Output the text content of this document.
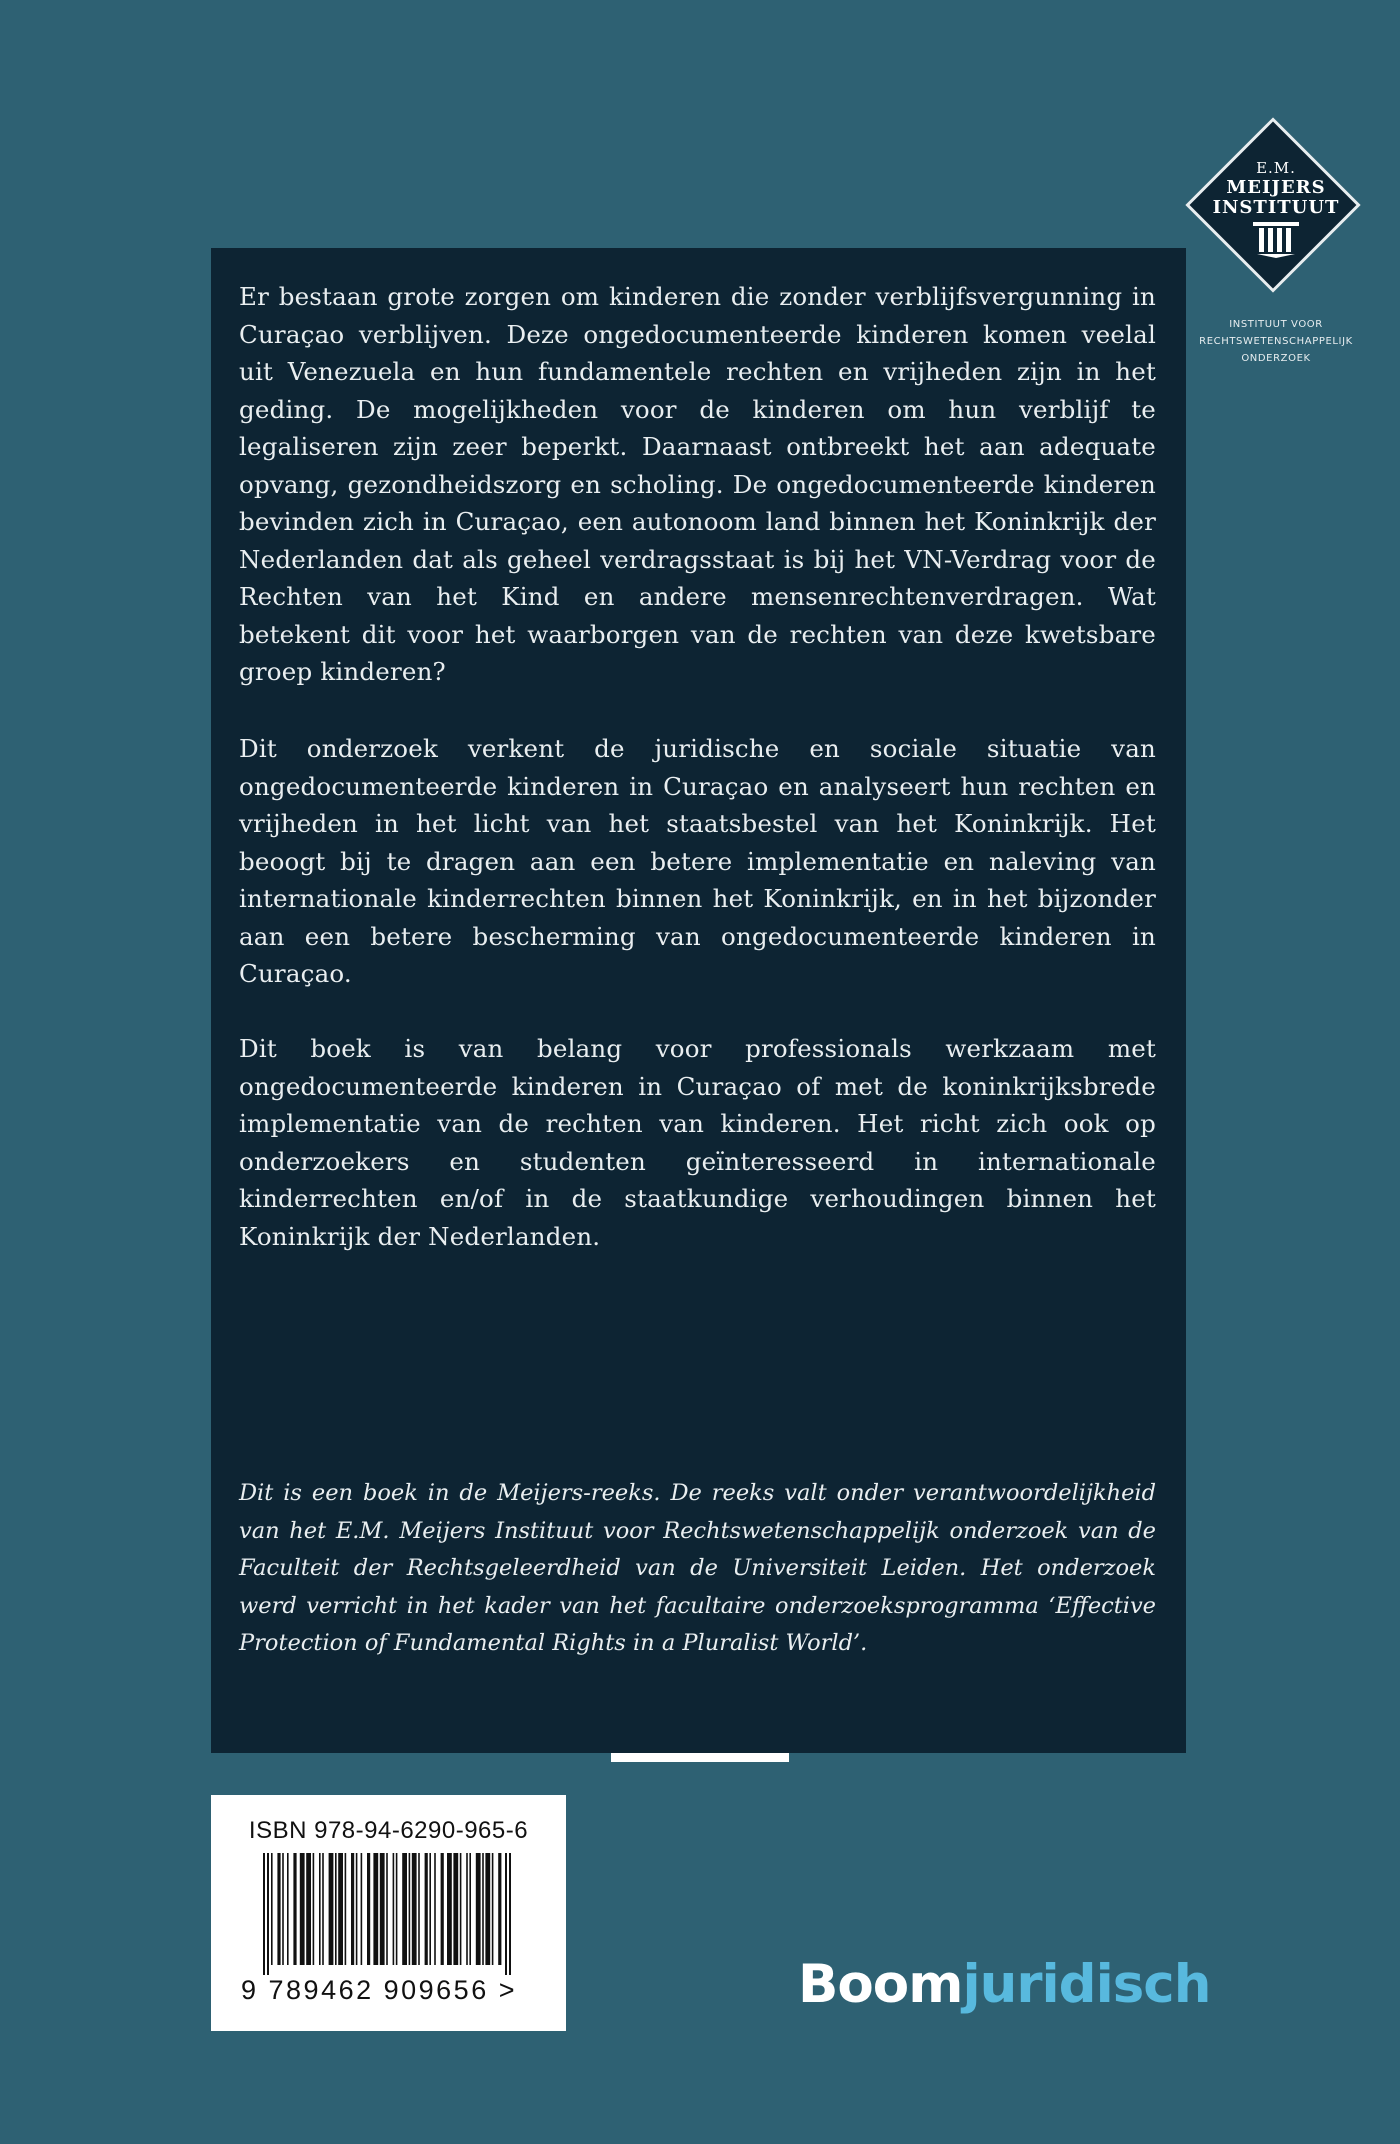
E.M.
MEIJERS
INSTITUUT
INSTITUUT VOOR
RECHTSWETENSCHAPPELIJK
ONDERZOEK

Er bestaan grote zorgen om kinderen die zonder verblijfsvergunning in Curaçao verblijven. Deze ongedocumenteerde kinderen komen veelal uit Venezuela en hun fundamentele rechten en vrijheden zijn in het geding. De mogelijkheden voor de kinderen om hun verblijf te legaliseren zijn zeer beperkt. Daarnaast ontbreekt het aan adequate opvang, gezondheidszorg en scholing. De ongedocumenteerde kinderen bevinden zich in Curaçao, een autonoom land binnen het Koninkrijk der Nederlanden dat als geheel verdragsstaat is bij het VN-Verdrag voor de Rechten van het Kind en andere mensenrechtenverdragen. Wat betekent dit voor het waarborgen van de rechten van deze kwetsbare groep kinderen?

Dit onderzoek verkent de juridische en sociale situatie van ongedocumenteerde kinderen in Curaçao en analyseert hun rechten en vrijheden in het licht van het staatsbestel van het Koninkrijk. Het beoogt bij te dragen aan een betere implementatie en naleving van internationale kinderrechten binnen het Koninkrijk, en in het bijzonder aan een betere bescherming van ongedocumenteerde kinderen in Curaçao.

Dit boek is van belang voor professionals werkzaam met ongedocumenteerde kinderen in Curaçao of met de koninkrijksbrede implementatie van de rechten van kinderen. Het richt zich ook op onderzoekers en studenten geïnteresseerd in internationale kinderrechten en/of in de staatkundige verhoudingen binnen het Koninkrijk der Nederlanden.

Dit is een boek in de Meijers-reeks. De reeks valt onder verantwoordelijkheid van het E.M. Meijers Instituut voor Rechtswetenschappelijk onderzoek van de Faculteit der Rechtsgeleerdheid van de Universiteit Leiden. Het onderzoek werd verricht in het kader van het facultaire onderzoeksprogramma ‘Effective Protection of Fundamental Rights in a Pluralist World’.

ISBN 978-94-6290-965-6
9 789462 909656 >	Boomjuridisch
